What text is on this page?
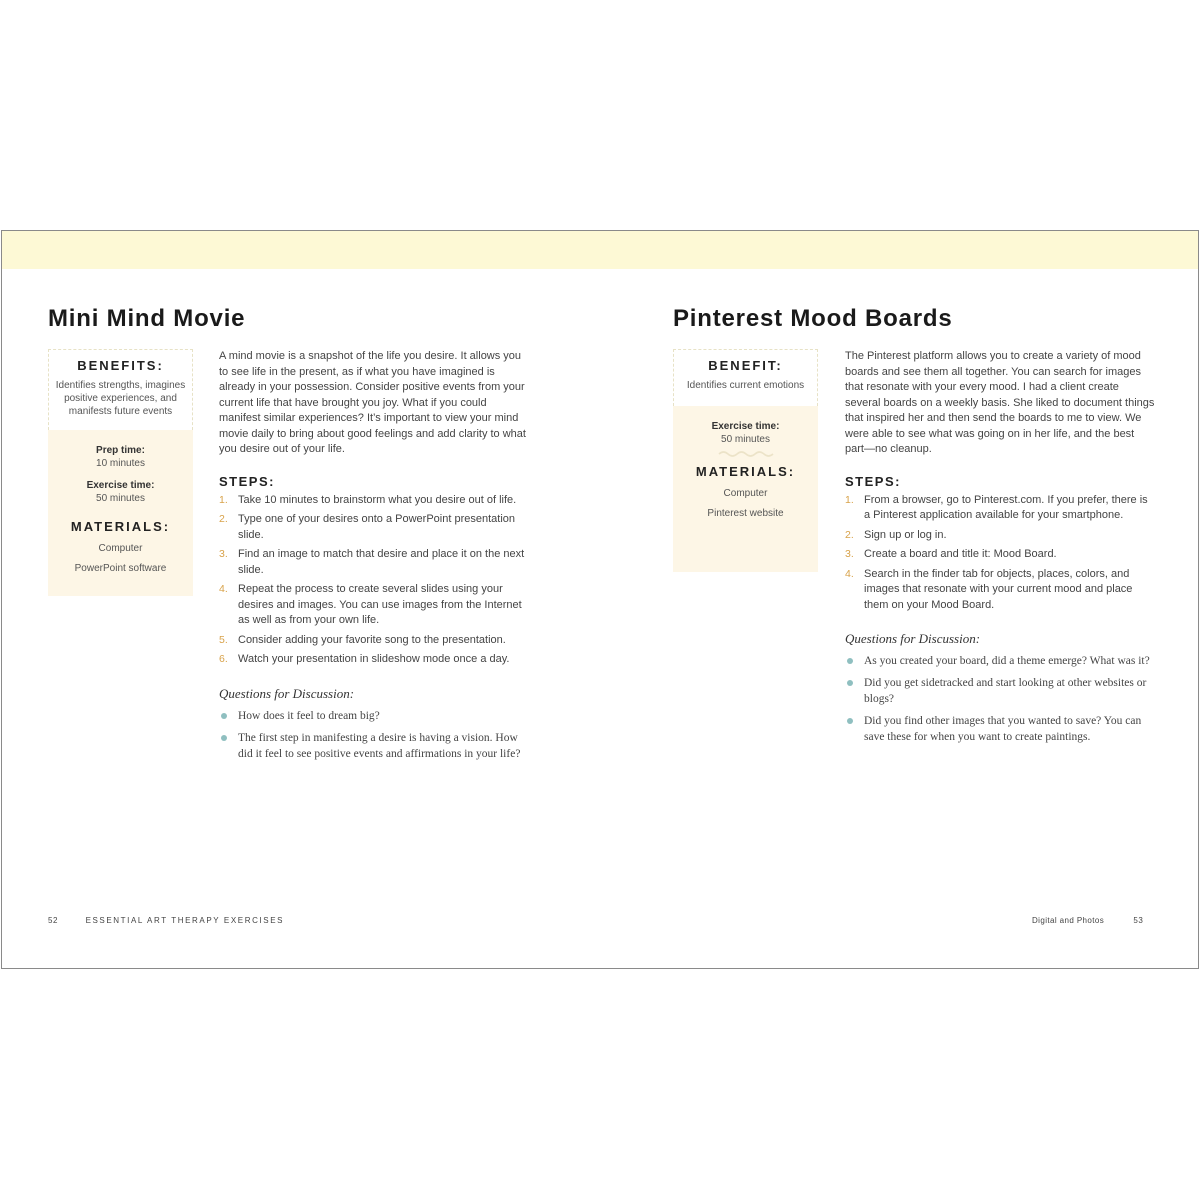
Mini Mind Movie
BENEFITS:
Identifies strengths, imagines positive experiences, and manifests future events
Prep time:
10 minutes
Exercise time:
50 minutes
MATERIALS:
Computer
PowerPoint software

A mind movie is a snapshot of the life you desire. It allows you to see life in the present, as if what you have imagined is already in your possession. Consider positive events from your current life that have brought you joy. What if you could manifest similar experiences? It’s important to view your mind movie daily to bring about good feelings and add clarity to what you desire out of your life.

STEPS:
1. Take 10 minutes to brainstorm what you desire out of life.
2. Type one of your desires onto a PowerPoint presentation slide.
3. Find an image to match that desire and place it on the next slide.
4. Repeat the process to create several slides using your desires and images. You can use images from the Internet as well as from your own life.
5. Consider adding your favorite song to the presentation.
6. Watch your presentation in slideshow mode once a day.
Questions for Discussion:
How does it feel to dream big?
The first step in manifesting a desire is having a vision. How did it feel to see positive events and affirmations in your life?
52	ESSENTIAL ART THERAPY EXERCISES
Pinterest Mood Boards
BENEFIT:
Identifies current emotions
Exercise time:
50 minutes
MATERIALS:
Computer
Pinterest website

The Pinterest platform allows you to create a variety of mood boards and see them all together. You can search for images that resonate with your every mood. I had a client create several boards on a weekly basis. She liked to document things that inspired her and then send the boards to me to view. We were able to see what was going on in her life, and the best part—no cleanup.

STEPS:
1. From a browser, go to Pinterest.com. If you prefer, there is a Pinterest application available for your smartphone.
2. Sign up or log in.
3. Create a board and title it: Mood Board.
4. Search in the finder tab for objects, places, colors, and images that resonate with your current mood and place them on your Mood Board.
Questions for Discussion:
As you created your board, did a theme emerge? What was it?
Did you get sidetracked and start looking at other websites or blogs?
Did you find other images that you wanted to save? You can save these for when you want to create paintings.
Digital and Photos	53
